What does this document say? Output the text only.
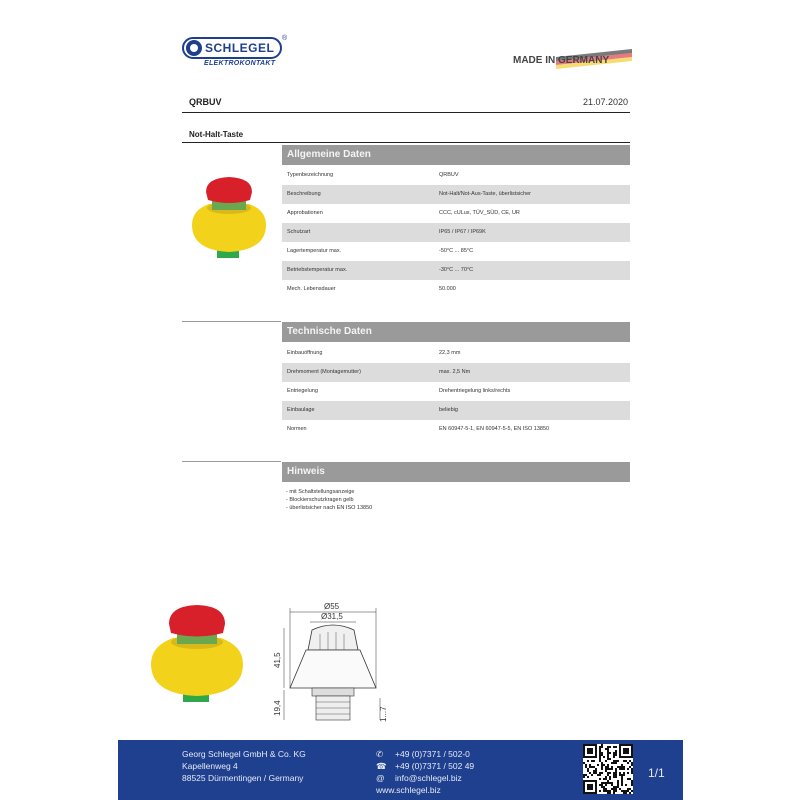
SCHLEGEL
®
ELEKTROKONTAKT	MADE IN GERMANY
QRBUV	21.07.2020
Not-Halt-Taste
Allgemeine Daten
Typenbezeichnung	QRBUV
Beschreibung	Not-Halt/Not-Aus-Taste, überlistsicher
Approbationen	CCC, cULus, TÜV_SÜD, CE, UR
Schutzart	IP65 / IP67 / IP69K
Lagertemperatur max.	-50°C ... 85°C
Betriebstemperatur max.	-30°C ... 70°C
Mech. Lebensdauer	50.000
Technische Daten
Einbauöffnung	22,3 mm
Drehmoment (Montagemutter)	max. 2,5 Nm
Entriegelung	Drehentriegelung links/rechts
Einbaulage	beliebig
Normen	EN 60947-5-1, EN 60947-5-5, EN ISO 13850
Hinweis
- mit Schaltstellungsanzeige
- Blockierschutzkragen gelb
- überlistsicher nach EN ISO 13850
Ø55
Ø31,5
41,5
19,4	1...7
Georg Schlegel GmbH & Co. KG
Kapellenweg 4
88525 Dürmentingen / Germany
✆
☎
@
+49 (0)7371 / 502-0
+49 (0)7371 / 502 49
info@schlegel.biz
www.schlegel.biz
1/1
